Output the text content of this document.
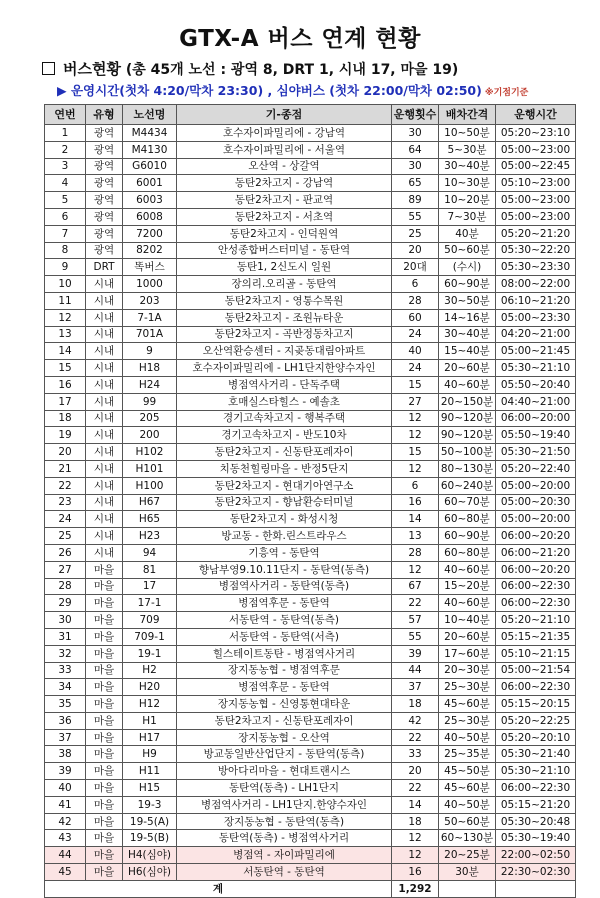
GTX-A 버스 연계 현황
버스현황 (총 45개 노선 : 광역 8, DRT 1, 시내 17, 마을 19)
▶ 운영시간(첫차 4:20/막차 23:30) , 심야버스 (첫차 22:00/막차 02:50) ※기점기준
연번	유형	노선명	기-종점	운행횟수	배차간격	운행시간
1	광역	M4434	호수자이파밀리에 - 강남역	30	10~50분	05:20~23:10
2	광역	M4130	호수자이파밀리에 - 서울역	64	5~30분	05:00~23:00
3	광역	G6010	오산역 - 상갈역	30	30~40분	05:00~22:45
4	광역	6001	동탄2차고지 - 강남역	65	10~30분	05:10~23:00
5	광역	6003	동탄2차고지 - 판교역	89	10~20분	05:00~23:00
6	광역	6008	동탄2차고지 - 서초역	55	7~30분	05:00~23:00
7	광역	7200	동탄2차고지 - 인덕원역	25	40분	05:20~21:20
8	광역	8202	안성종합버스터미널 - 동탄역	20	50~60분	05:30~22:20
9	DRT	똑버스	동탄1, 2신도시 일원	20대	(수시)	05:30~23:30
10	시내	1000	장의리.오리골 - 동탄역	6	60~90분	08:00~22:00
11	시내	203	동탄2차고지 - 영통수목원	28	30~50분	06:10~21:20
12	시내	7-1A	동탄2차고지 - 조원뉴타운	60	14~16분	05:00~23:30
13	시내	701A	동탄2차고지 - 곡반정동차고지	24	30~40분	04:20~21:00
14	시내	9	오산역환승센터 - 지곶동대림아파트	40	15~40분	05:00~21:45
15	시내	H18	호수자이파밀리에 - LH1단지한양수자인	24	20~60분	05:30~21:10
16	시내	H24	병점역사거리 - 단독주택	15	40~60분	05:50~20:40
17	시내	99	호매실스타힐스 - 예솔초	27	20~150분	04:40~21:00
18	시내	205	경기고속차고지 - 행복주택	12	90~120분	06:00~20:00
19	시내	200	경기고속차고지 - 반도10차	12	90~120분	05:50~19:40
20	시내	H102	동탄2차고지 - 신동탄포레자이	15	50~100분	05:30~21:50
21	시내	H101	치동천힐링마을 - 반정5단지	12	80~130분	05:20~22:40
22	시내	H100	동탄2차고지 - 현대기아연구소	6	60~240분	05:00~20:00
23	시내	H67	동탄2차고지 - 향남환승터미널	16	60~70분	05:00~20:30
24	시내	H65	동탄2차고지 - 화성시청	14	60~80분	05:00~20:00
25	시내	H23	방교동 - 한화.린스트라우스	13	60~90분	06:00~20:20
26	시내	94	기흥역 - 동탄역	28	60~80분	06:00~21:20
27	마을	81	향남부영9.10.11단지 - 동탄역(동측)	12	40~60분	06:00~20:20
28	마을	17	병점역사거리 - 동탄역(동측)	67	15~20분	06:00~22:30
29	마을	17-1	병점역후문 - 동탄역	22	40~60분	06:00~22:30
30	마을	709	서동탄역 - 동탄역(동측)	57	10~40분	05:20~21:10
31	마을	709-1	서동탄역 - 동탄역(서측)	55	20~60분	05:15~21:35
32	마을	19-1	힐스테이트동탄 - 병점역사거리	39	17~60분	05:10~21:15
33	마을	H2	장지동농협 - 병점역후문	44	20~30분	05:00~21:54
34	마을	H20	병점역후문 - 동탄역	37	25~30분	06:00~22:30
35	마을	H12	장지동농협 - 신영통현대타운	18	45~60분	05:15~20:15
36	마을	H1	동탄2차고지 - 신동탄포레자이	42	25~30분	05:20~22:25
37	마을	H17	장지동농협 - 오산역	22	40~50분	05:20~20:10
38	마을	H9	방교동일반산업단지 - 동탄역(동측)	33	25~35분	05:30~21:40
39	마을	H11	방아다리마을 - 현대트랜시스	20	45~50분	05:30~21:10
40	마을	H15	동탄역(동측) - LH1단지	22	45~60분	06:00~22:30
41	마을	19-3	병점역사거리 - LH1단지.한양수자인	14	40~50분	05:15~21:20
42	마을	19-5(A)	장지동농협 - 동탄역(동측)	18	50~60분	05:30~20:48
43	마을	19-5(B)	동탄역(동측) - 병점역사거리	12	60~130분	05:30~19:40
44	마을	H4(심야)	병점역 - 자이파밀리에	12	20~25분	22:00~02:50
45	마을	H6(심야)	서동탄역 - 동탄역	16	30분	22:30~02:30
계				1,292		
